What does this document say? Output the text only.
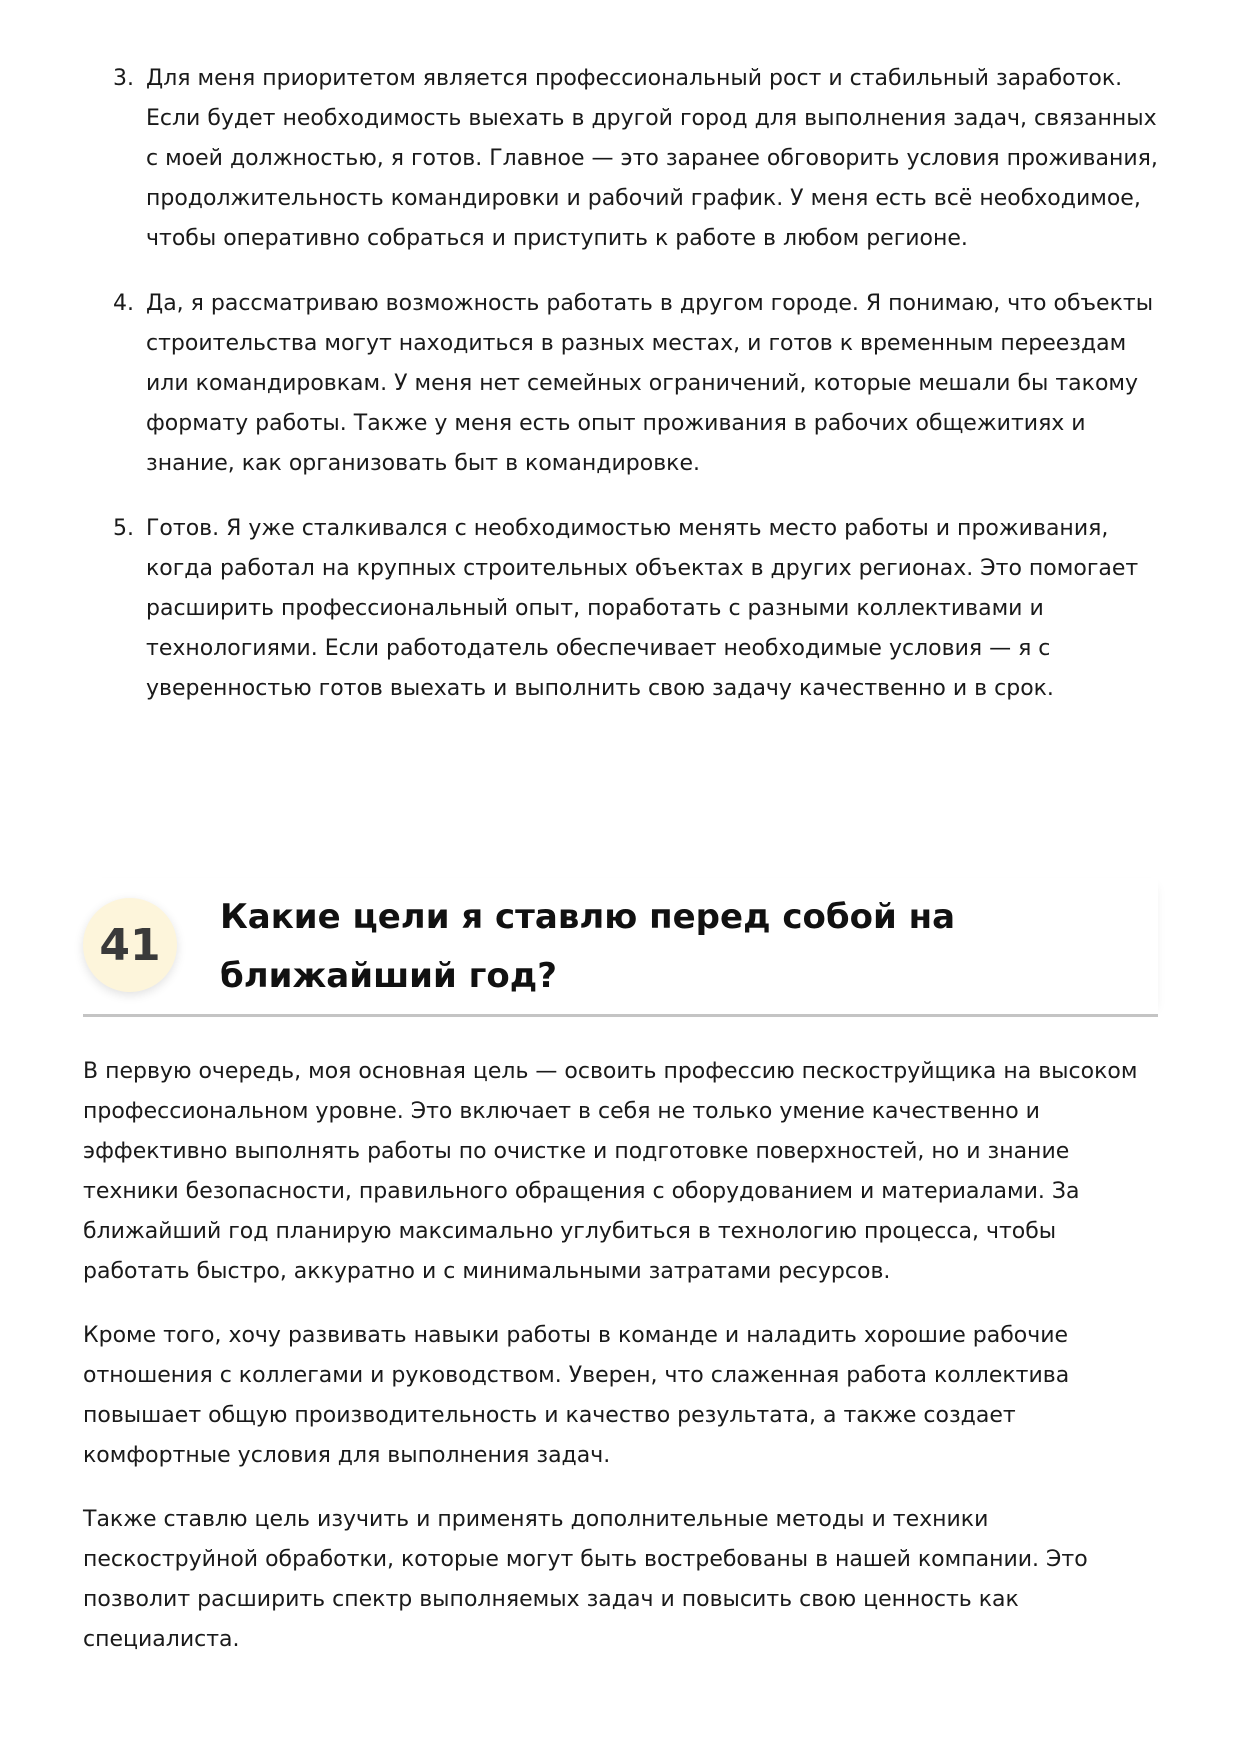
3. Для меня приоритетом является профессиональный рост и стабильный заработок. Если будет необходимость выехать в другой город для выполнения задач, связанных с моей должностью, я готов. Главное — это заранее обговорить условия проживания, продолжительность командировки и рабочий график. У меня есть всё необходимое, чтобы оперативно собраться и приступить к работе в любом регионе.
4. Да, я рассматриваю возможность работать в другом городе. Я понимаю, что объекты строительства могут находиться в разных местах, и готов к временным переездам или командировкам. У меня нет семейных ограничений, которые мешали бы такому формату работы. Также у меня есть опыт проживания в рабочих общежитиях и знание, как организовать быт в командировке.
5. Готов. Я уже сталкивался с необходимостью менять место работы и проживания, когда работал на крупных строительных объектах в других регионах. Это помогает расширить профессиональный опыт, поработать с разными коллективами и технологиями. Если работодатель обеспечивает необходимые условия — я с уверенностью готов выехать и выполнить свою задачу качественно и в срок.
41
Какие цели я ставлю перед собой на ближайший год?

В первую очередь, моя основная цель — освоить профессию пескоструйщика на высоком профессиональном уровне. Это включает в себя не только умение качественно и эффективно выполнять работы по очистке и подготовке поверхностей, но и знание техники безопасности, правильного обращения с оборудованием и материалами. За ближайший год планирую максимально углубиться в технологию процесса, чтобы работать быстро, аккуратно и с минимальными затратами ресурсов.

Кроме того, хочу развивать навыки работы в команде и наладить хорошие рабочие отношения с коллегами и руководством. Уверен, что слаженная работа коллектива повышает общую производительность и качество результата, а также создает комфортные условия для выполнения задач.

Также ставлю цель изучить и применять дополнительные методы и техники пескоструйной обработки, которые могут быть востребованы в нашей компании. Это позволит расширить спектр выполняемых задач и повысить свою ценность как специалиста.
